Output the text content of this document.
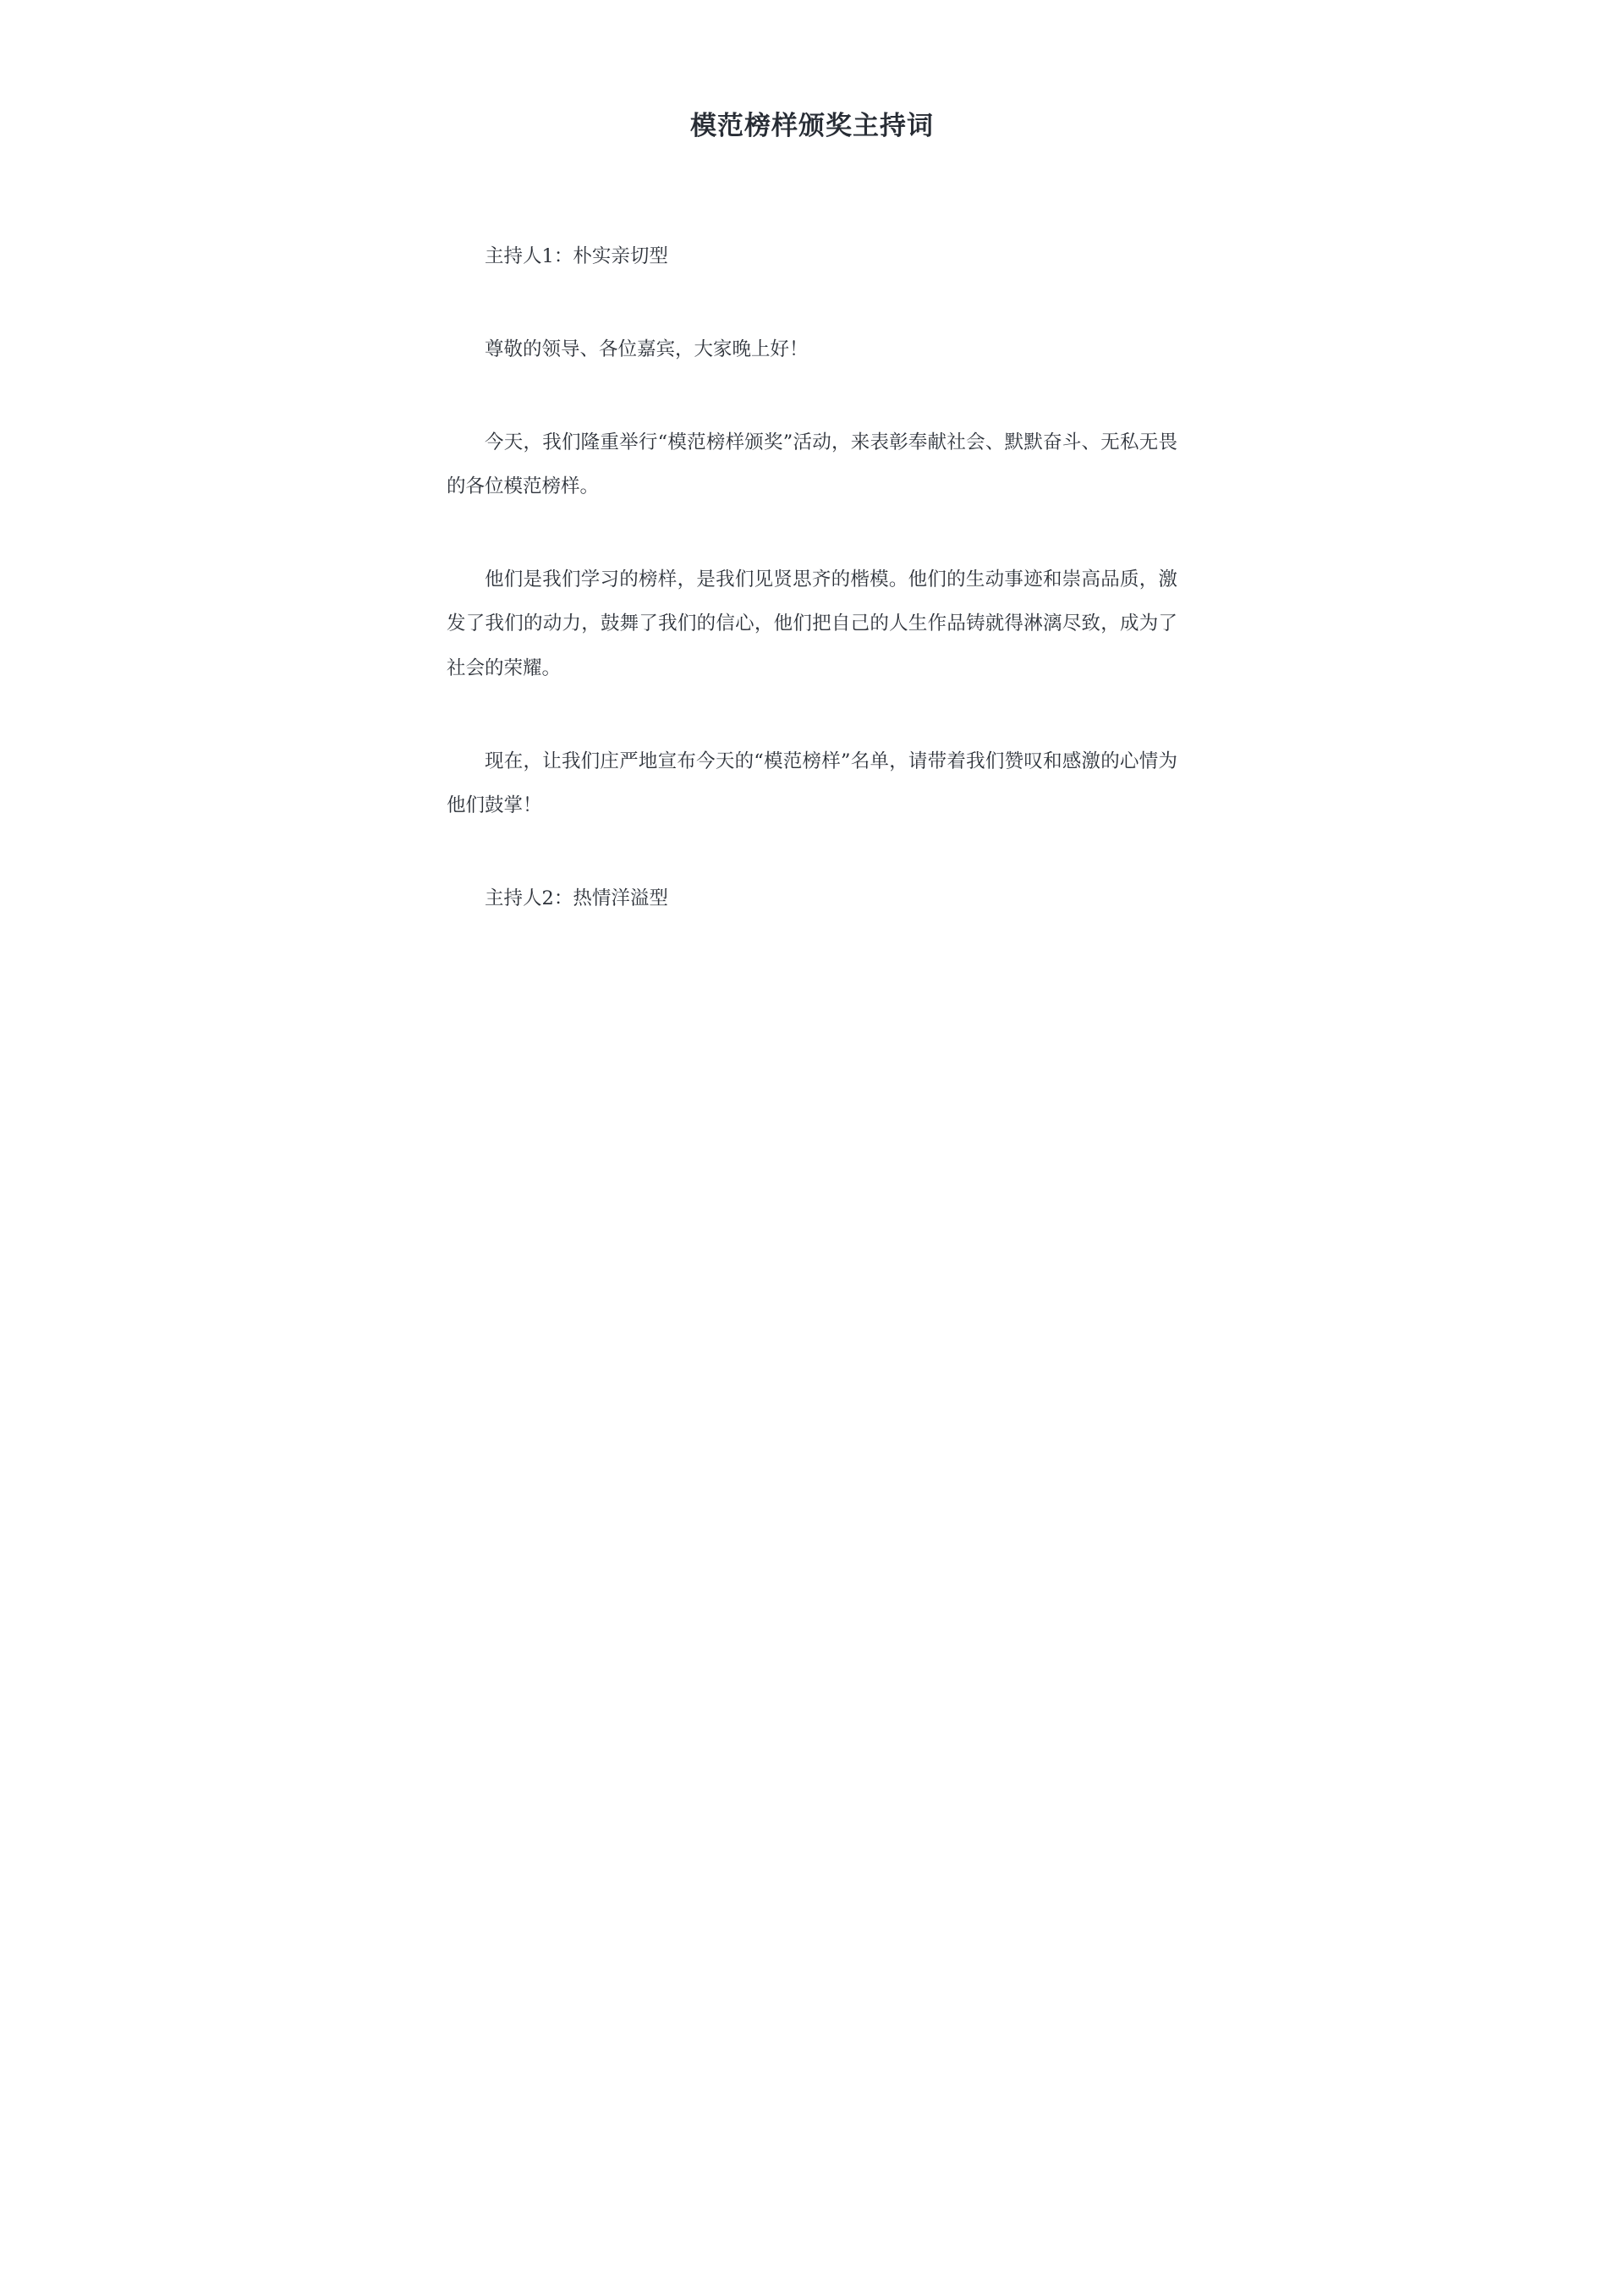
模范榜样颁奖主持词

主持人1：朴实亲切型

尊敬的领导、各位嘉宾，大家晚上好！

今天，我们隆重举行“模范榜样颁奖”活动，来表彰奉献社会、默默奋斗、无私无畏的各位模范榜样。

他们是我们学习的榜样，是我们见贤思齐的楷模。他们的生动事迹和崇高品质，激发了我们的动力，鼓舞了我们的信心，他们把自己的人生作品铸就得淋漓尽致，成为了社会的荣耀。

现在，让我们庄严地宣布今天的“模范榜样”名单，请带着我们赞叹和感激的心情为他们鼓掌！

主持人2：热情洋溢型
